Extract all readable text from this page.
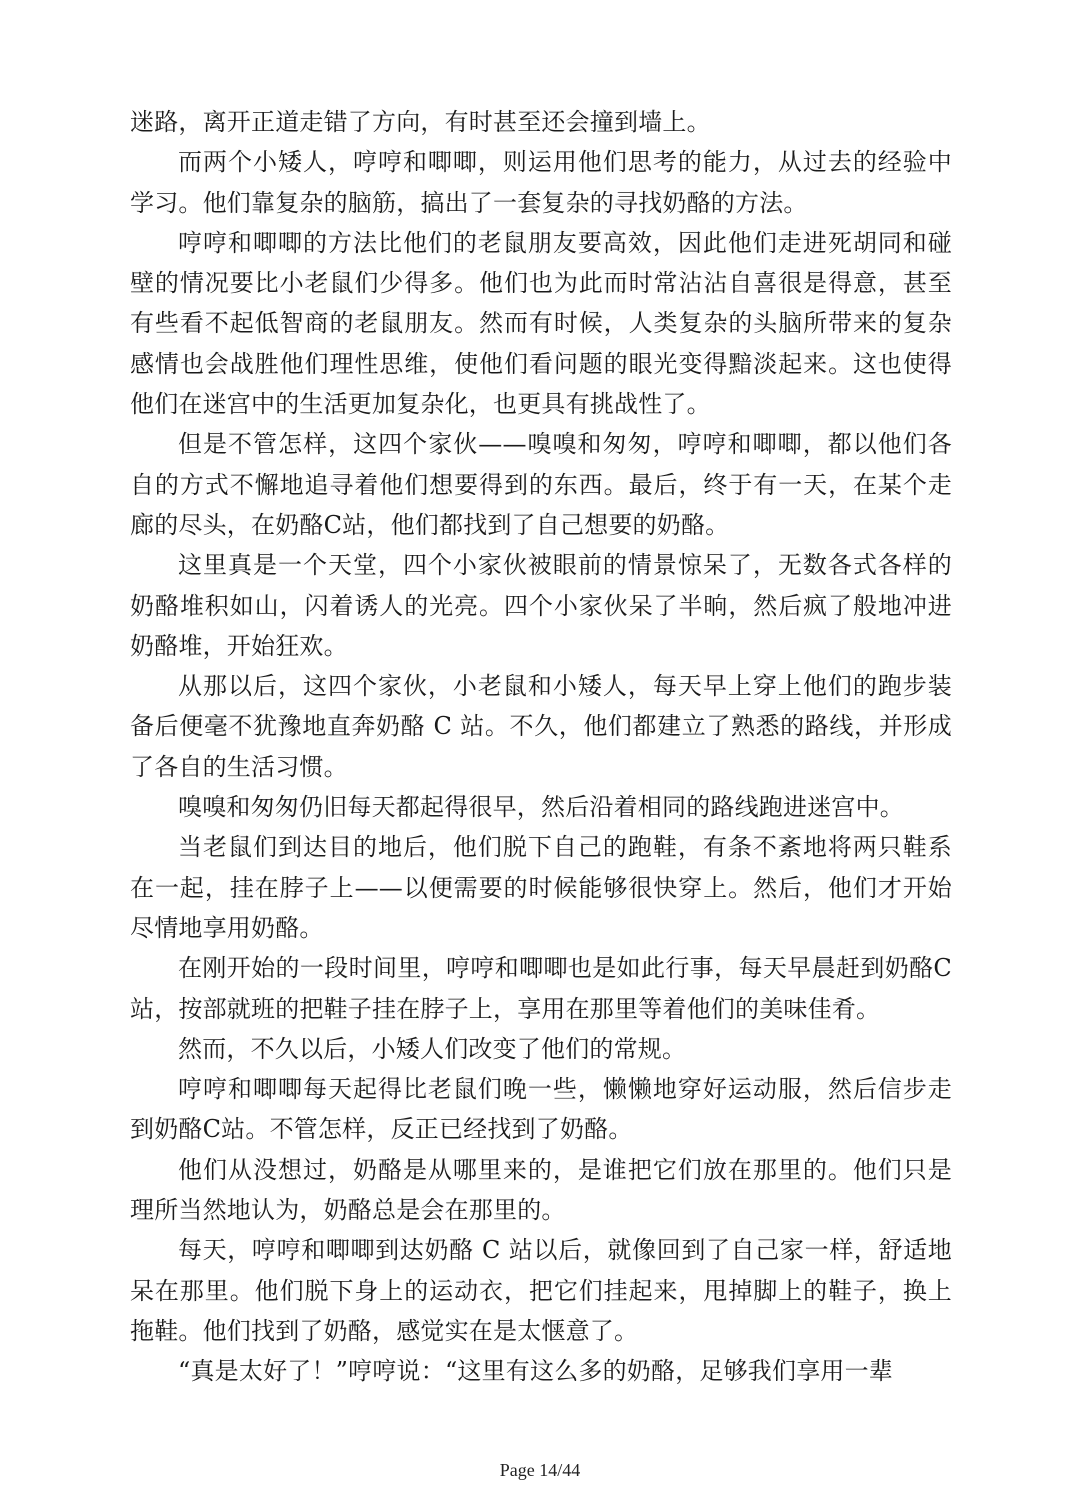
迷路，离开正道走错了方向，有时甚至还会撞到墙上。

而两个小矮人，哼哼和唧唧，则运用他们思考的能力，从过去的经验中学习。他们靠复杂的脑筋，搞出了一套复杂的寻找奶酪的方法。

哼哼和唧唧的方法比他们的老鼠朋友要高效，因此他们走进死胡同和碰壁的情况要比小老鼠们少得多。他们也为此而时常沾沾自喜很是得意，甚至有些看不起低智商的老鼠朋友。然而有时候，人类复杂的头脑所带来的复杂感情也会战胜他们理性思维，使他们看问题的眼光变得黯淡起来。这也使得他们在迷宫中的生活更加复杂化，也更具有挑战性了。

但是不管怎样，这四个家伙——嗅嗅和匆匆，哼哼和唧唧，都以他们各自的方式不懈地追寻着他们想要得到的东西。最后，终于有一天，在某个走廊的尽头，在奶酪C站，他们都找到了自己想要的奶酪。

这里真是一个天堂，四个小家伙被眼前的情景惊呆了，无数各式各样的奶酪堆积如山，闪着诱人的光亮。四个小家伙呆了半晌，然后疯了般地冲进奶酪堆，开始狂欢。

从那以后，这四个家伙，小老鼠和小矮人，每天早上穿上他们的跑步装备后便毫不犹豫地直奔奶酪 C 站。不久，他们都建立了熟悉的路线，并形成了各自的生活习惯。

嗅嗅和匆匆仍旧每天都起得很早，然后沿着相同的路线跑进迷宫中。

当老鼠们到达目的地后，他们脱下自己的跑鞋，有条不紊地将两只鞋系在一起，挂在脖子上——以便需要的时候能够很快穿上。然后，他们才开始尽情地享用奶酪。

在刚开始的一段时间里，哼哼和唧唧也是如此行事，每天早晨赶到奶酪C站，按部就班的把鞋子挂在脖子上，享用在那里等着他们的美味佳肴。

然而，不久以后，小矮人们改变了他们的常规。

哼哼和唧唧每天起得比老鼠们晚一些，懒懒地穿好运动服，然后信步走到奶酪C站。不管怎样，反正已经找到了奶酪。

他们从没想过，奶酪是从哪里来的，是谁把它们放在那里的。他们只是理所当然地认为，奶酪总是会在那里的。

每天，哼哼和唧唧到达奶酪 C 站以后，就像回到了自己家一样，舒适地呆在那里。他们脱下身上的运动衣，把它们挂起来，甩掉脚上的鞋子，换上拖鞋。他们找到了奶酪，感觉实在是太惬意了。

“真是太好了！”哼哼说：“这里有这么多的奶酪，足够我们享用一辈

Page 14/44
